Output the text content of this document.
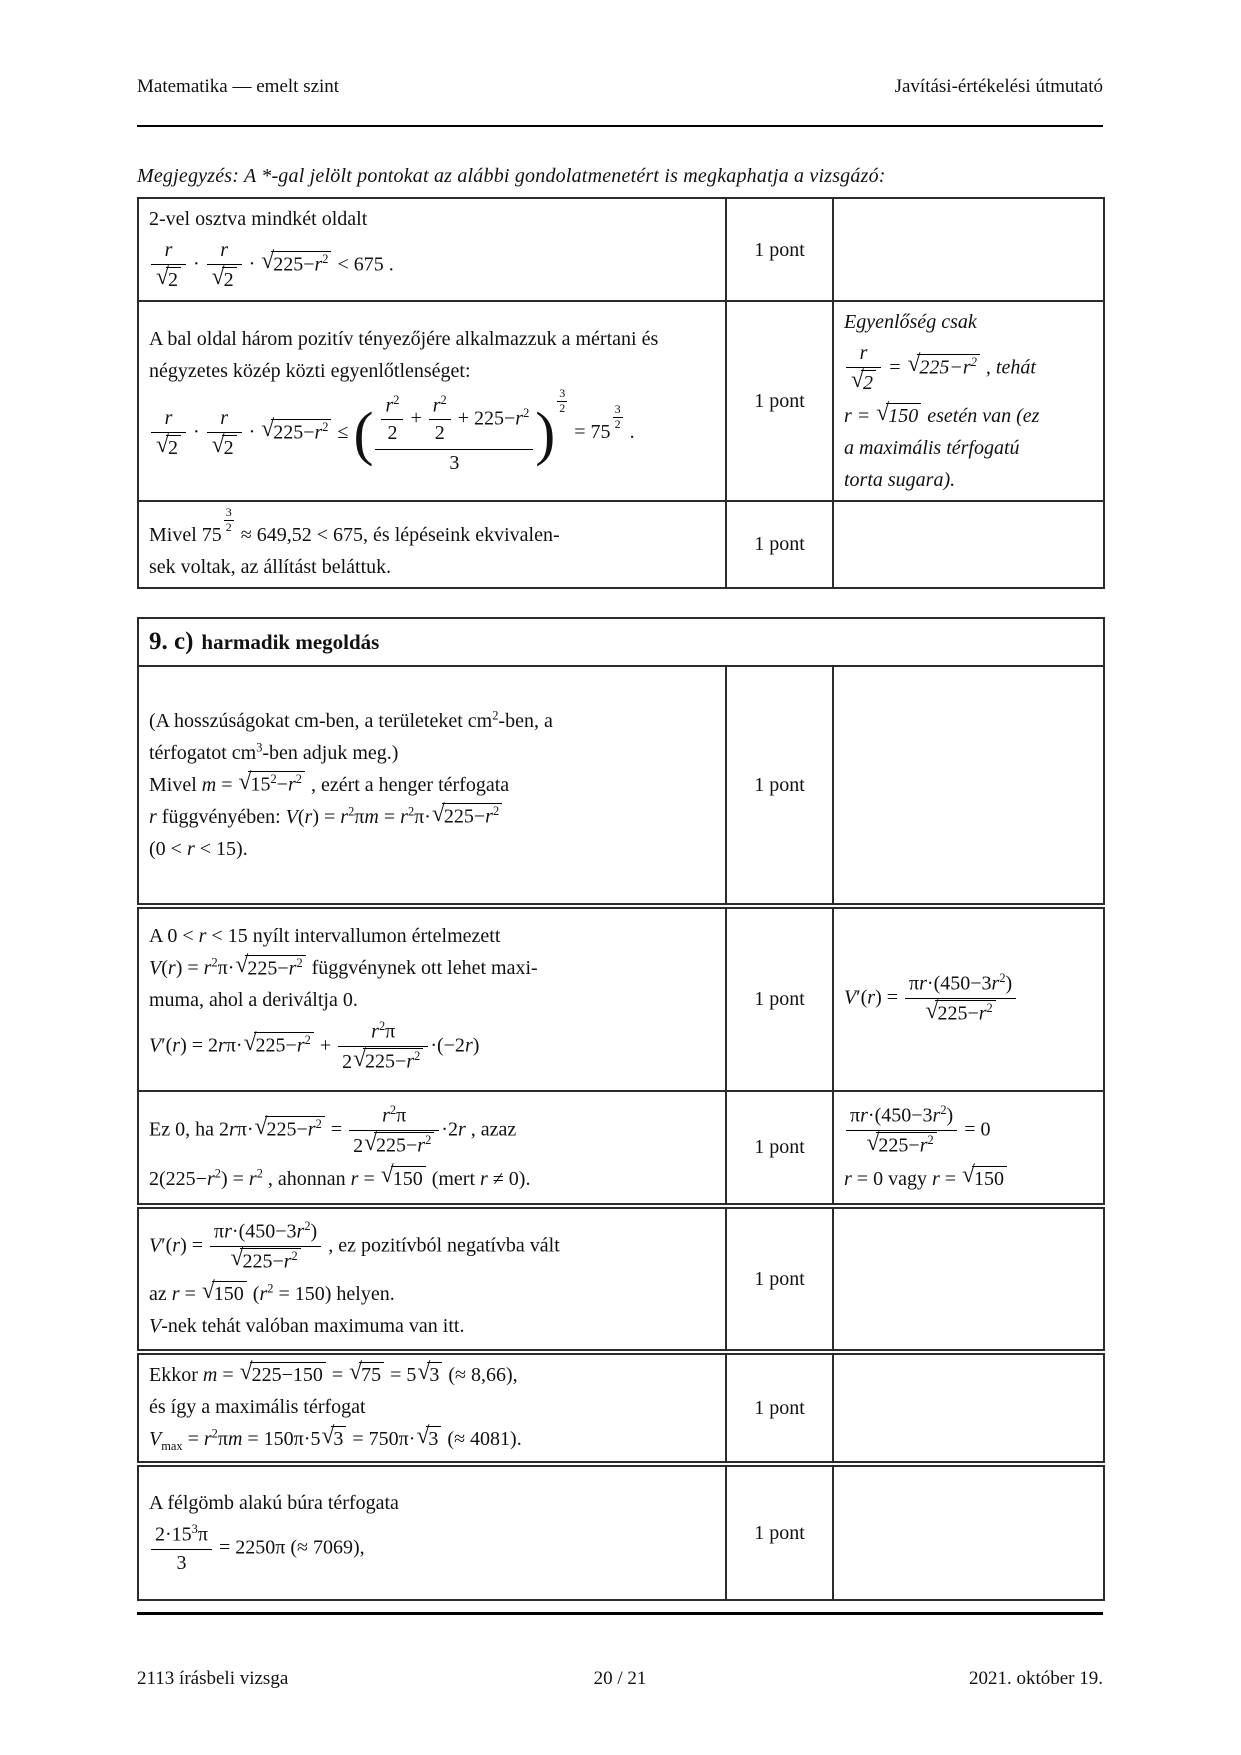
Matematika — emelt szint	Javítási-értékelési útmutató
Megjegyzés: A *-gal jelölt pontokat az alábbi gondolatmenetért is megkaphatja a vizsgázó:
2-vel osztva mindkét oldalt

$\frac{r}{√2} \cdot \frac{r}{√2} \cdot √225-r^2 < 675$ .	1 pont	
A bal oldal három pozitív tényezőjére alkalmazzuk a mértani és négyzetes közép közti egyenlőtlenséget:

$\frac{r}{√2} \cdot \frac{r}{√2} \cdot √225-r^2$ ≤ ( $\frac{\frac{r^2}{2} + \frac{r^2}{2} + 225-r^2}{3}$ ) $\frac{3}{2}$
= 75
$\frac{3}{2}$
.	1 pont	Egyenlőség csak

$\frac{r}{√2} = √225-r^2$ , tehát
r = √150 esetén van (ez
a maximális térfogatú
torta sugara).
Mivel 75
$\frac{3}{2}$
≈ 649,52 < 675, és lépéseink ekvivalen-
sek voltak, az állítást beláttuk.	1 pont	
9. c) harmadik megoldás		
(A hosszúságokat cm-ben, a területeket $cm^2$-ben, a
térfogatot $cm^3$-ben adjuk meg.)
Mivel $m = √15^2-r^2$ , ezért a henger térfogata
r függvényében: $V(r) = r^2\pi m = r^2\pi\cdot√225-r^2$
(0 < r < 15).	1 pont	
A 0 < r < 15 nyílt intervallumon értelmezett
$V(r) = r^2\pi\cdot√225-r^2$ függvénynek ott lehet maxi-
muma, ahol a deriváltja 0.
$V'(r) = 2r\pi\cdot√225-r^2 + \frac{r^2\pi}{2√225-r^2} \cdot(-2r)$	1 pont	$V'(r) = \frac{\pi r\cdot(450-3r^2)}{√225-r^2}$

Ez 0, ha $2r\pi\cdot√225-r^2 = \frac{r^2\pi}{2√225-r^2} \cdot 2r$ , azaz
$2(225-r^2) = r^2$ , ahonnan r = √150 (mert r ≠ 0).	1 pont	$\frac{\pi r\cdot(450-3r^2)}{√225-r^2} = 0$
r = 0 vagy r = √150
$V'(r) = \frac{\pi r\cdot(450-3r^2)}{√225-r^2}$ , ez pozitívból negatívba vált
az r = √150 $(r^2 = 150)$ helyen.
V-nek tehát valóban maximuma van itt.	1 pont	
Ekkor m = √225−150 = √75 = 5√3 (≈ 8,66),
és így a maximális térfogat
$V_{max} = r^2\pi m = 150\pi\cdot 5√3 = 750\pi\cdot√3$ (≈ 4081).	1 pont	
A félgömb alakú búra térfogata

$\frac{2\cdot 15^3\pi}{3} = 2250\pi$ (≈ 7069),	1 pont	
2113 írásbeli vizsga	20 / 21	2021. október 19.
